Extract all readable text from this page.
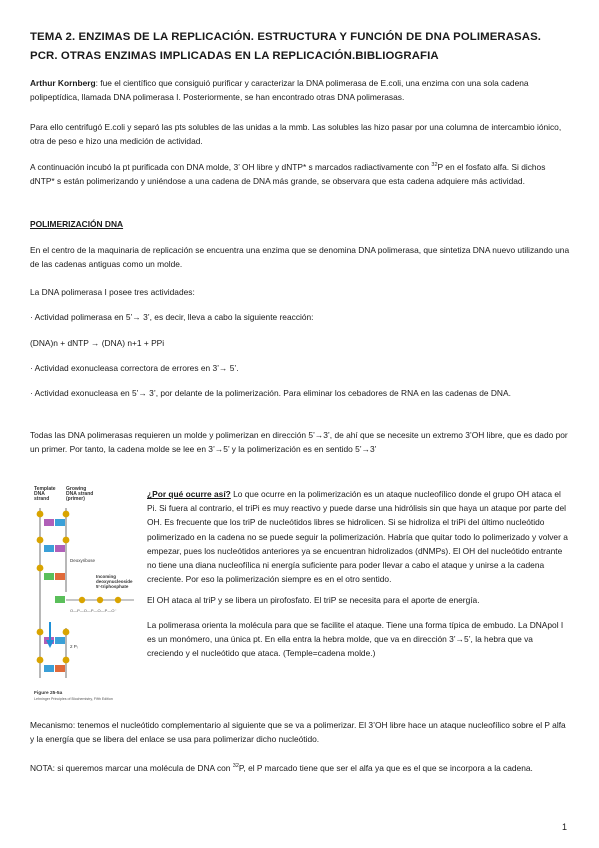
TEMA 2. ENZIMAS DE LA REPLICACIÓN. ESTRUCTURA Y FUNCIÓN DE DNA POLIMERASAS. PCR. OTRAS ENZIMAS IMPLICADAS EN LA REPLICACIÓN.BIBLIOGRAFIA
Arthur Kornberg: fue el científico que consiguió purificar y caracterizar la DNA polimerasa de E.coli, una enzima con una sola cadena polipeptídica, llamada DNA polimerasa I. Posteriormente, se han encontrado otras DNA polimerasas.
Para ello centrifugó E.coli y separó las pts solubles de las unidas a la mmb. Las solubles las hizo pasar por una columna de intercambio iónico, otra de peso e hizo una medición de actividad.
A continuación incubó la pt purificada con DNA molde, 3’ OH libre y dNTP* s marcados radiactivamente con $^{32}$P en el fosfato alfa. Si dichos dNTP* s están polimerizando y uniéndose a una cadena de DNA más grande, se observara que esta cadena adquiere más actividad.
POLIMERIZACIÓN DNA
En el centro de la maquinaria de replicación se encuentra una enzima que se denomina DNA polimerasa, que sintetiza DNA nuevo utilizando una de las cadenas antiguas como un molde.
La DNA polimerasa I posee tres actividades:
· Actividad polimerasa en 5’→ 3’, es decir, lleva a cabo la siguiente reacción:
(DNA)n + dNTP → (DNA) n+1 + PPi
· Actividad exonucleasa correctora de errores en 3’→ 5’.
· Actividad exonucleasa en 5’→ 3’, por delante de la polimerización. Para eliminar los cebadores de RNA en las cadenas de DNA.
Todas las DNA polimerasas requieren un molde y polimerizan en dirección 5’→3’, de ahí que se necesite un extremo 3’OH libre, que es dado por un primer. Por tanto, la cadena molde se lee en 3’→5’ y la polimerización es en sentido 5’→3’
Template DNA strand
Growing DNA strand (primer)
Deoxyribose
Incoming deoxynucleoside 5'-triphosphate
O—P—O—P—O—P—O⁻
2 Pᵢ
Figure 25-5a
Lehninger Principles of Biochemistry, Fifth Edition
¿Por qué ocurre así? Lo que ocurre en la polimerización es un ataque nucleofílico donde el grupo OH ataca el Pi. Si fuera al contrario, el triPi es muy reactivo y puede darse una hidrólisis sin que haya un ataque por parte del OH. Es frecuente que los triP de nucleótidos libres se hidrolicen. Si se hidroliza el triPi del último nucleótido polimerizado en la cadena no se puede seguir la polimerización. Habría que quitar todo lo polimerizado y volver a empezar, pues los nucleótidos anteriores ya se encuentran hidrolizados (dNMPs). El OH del nucleótido entrante no tiene una diana nucleofílica ni energía suficiente para poder llevar a cabo el ataque y unirse a la cadena creciente. Por eso la polimerización siempre es en el otro sentido.
El OH ataca al triP y se libera un pirofosfato. El triP se necesita para el aporte de energía.
La polimerasa orienta la molécula para que se facilite el ataque. Tiene una forma típica de embudo. La DNApol I es un monómero, una única pt. En ella entra la hebra molde, que va en dirección 3’→5’, la hebra que va creciendo y el nucleótido que ataca. (Temple=cadena molde.)
Mecanismo: tenemos el nucleótido complementario al siguiente que se va a polimerizar. El 3’OH libre hace un ataque nucleofílico sobre el P alfa y la energía que se libera del enlace se usa para polimerizar dicho nucleótido.
NOTA: si queremos marcar una molécula de DNA con $^{32}$P, el P marcado tiene que ser el alfa ya que es el que se incorpora a la cadena.
1
